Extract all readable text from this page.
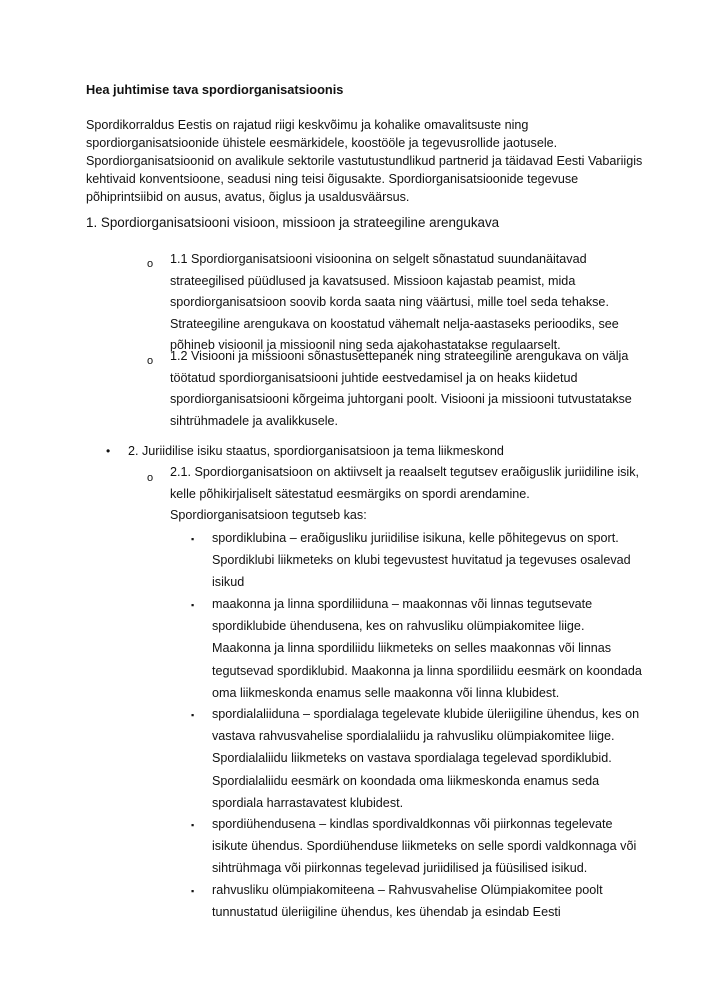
Hea juhtimise tava spordiorganisatsioonis
Spordikorraldus Eestis on rajatud riigi keskvõimu ja kohalike omavalitsuste ning spordiorganisatsioonide ühistele eesmärkidele, koostööle ja tegevusrollide jaotusele. Spordiorganisatsioonid on avalikule sektorile vastutustundlikud partnerid ja täidavad Eesti Vabariigis kehtivaid konventsioone, seadusi ning teisi õigusakte. Spordiorganisatsioonide tegevuse põhiprintsiibid on ausus, avatus, õiglus ja usaldusväärsus.
1. Spordiorganisatsiooni visioon, missioon ja strateegiline arengukava
o 1.1 Spordiorganisatsiooni visioonina on selgelt sõnastatud suundanäitavad strateegilised püüdlused ja kavatsused. Missioon kajastab peamist, mida spordiorganisatsioon soovib korda saata ning väärtusi, mille toel seda tehakse. Strateegiline arengukava on koostatud vähemalt nelja-aastaseks perioodiks, see põhineb visioonil ja missioonil ning seda ajakohastatakse regulaarselt.
o 1.2 Visiooni ja missiooni sõnastusettepanek ning strateegiline arengukava on välja töötatud spordiorganisatsiooni juhtide eestvedamisel ja on heaks kiidetud spordiorganisatsiooni kõrgeima juhtorgani poolt. Visiooni ja missiooni tutvustatakse sihtrühmadele ja avalikkusele.
• 2. Juriidilise isiku staatus, spordiorganisatsioon ja tema liikmeskond
o 2.1. Spordiorganisatsioon on aktiivselt ja reaalselt tegutsev eraõiguslik juriidiline isik, kelle põhikirjaliselt sätestatud eesmärgiks on spordi arendamine. Spordiorganisatsioon tegutseb kas:
▪ spordiklubina – eraõigusliku juriidilise isikuna, kelle põhitegevus on sport. Spordiklubi liikmeteks on klubi tegevustest huvitatud ja tegevuses osalevad isikud
▪ maakonna ja linna spordiliiduna – maakonnas või linnas tegutsevate spordiklubide ühendusena, kes on rahvusliku olümpiakomitee liige. Maakonna ja linna spordiliidu liikmeteks on selles maakonnas või linnas tegutsevad spordiklubid. Maakonna ja linna spordiliidu eesmärk on koondada oma liikmeskonda enamus selle maakonna või linna klubidest.
▪ spordialaliiduna – spordialaga tegelevate klubide üleriigiline ühendus, kes on vastava rahvusvahelise spordialaliidu ja rahvusliku olümpiakomitee liige. Spordialaliidu liikmeteks on vastava spordialaga tegelevad spordiklubid. Spordialaliidu eesmärk on koondada oma liikmeskonda enamus seda spordiala harrastavatest klubidest.
▪ spordiühendusena – kindlas spordivaldkonnas või piirkonnas tegelevate isikute ühendus. Spordiühenduse liikmeteks on selle spordi valdkonnaga või sihtrühmaga või piirkonnas tegelevad juriidilised ja füüsilised isikud.
▪ rahvusliku olümpiakomiteena – Rahvusvahelise Olümpiakomitee poolt tunnustatud üleriigiline ühendus, kes ühendab ja esindab Eesti
